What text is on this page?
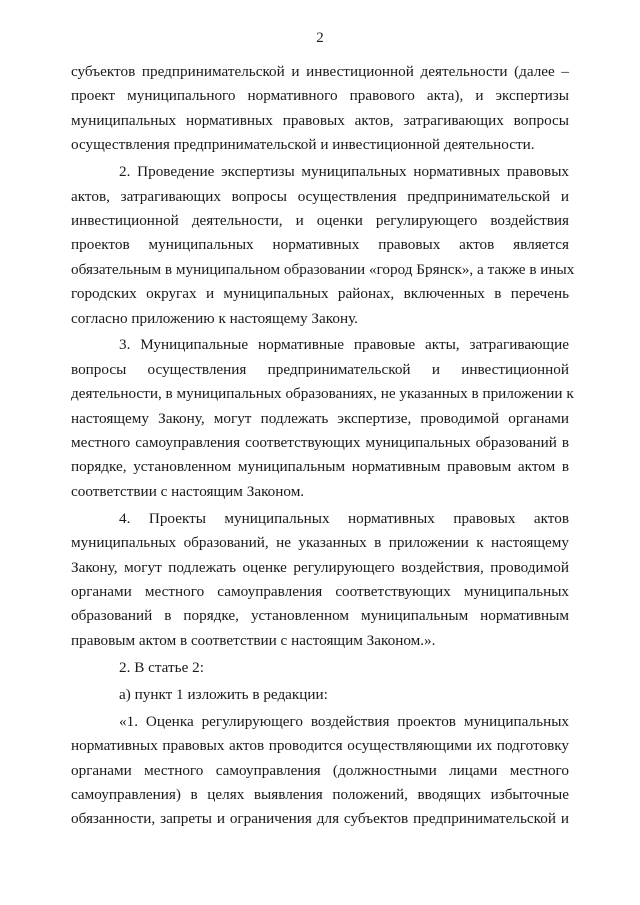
2
субъектов предпринимательской и инвестиционной деятельности (далее –
проект муниципального нормативного правового акта), и экспертизы
муниципальных нормативных правовых актов, затрагивающих вопросы
осуществления предпринимательской и инвестиционной деятельности.
2. Проведение экспертизы муниципальных нормативных правовых
актов, затрагивающих вопросы осуществления предпринимательской и
инвестиционной деятельности, и оценки регулирующего воздействия
проектов муниципальных нормативных правовых актов является
обязательным в муниципальном образовании «город Брянск», а также в иных
городских округах и муниципальных районах, включенных в перечень
согласно приложению к настоящему Закону.
3. Муниципальные нормативные правовые акты, затрагивающие
вопросы осуществления предпринимательской и инвестиционной
деятельности, в муниципальных образованиях, не указанных в приложении к
настоящему Закону, могут подлежать экспертизе, проводимой органами
местного самоуправления соответствующих муниципальных образований в
порядке, установленном муниципальным нормативным правовым актом в
соответствии с настоящим Законом.
4. Проекты муниципальных нормативных правовых актов
муниципальных образований, не указанных в приложении к настоящему
Закону, могут подлежать оценке регулирующего воздействия, проводимой
органами местного самоуправления соответствующих муниципальных
образований в порядке, установленном муниципальным нормативным
правовым актом в соответствии с настоящим Законом.».
2. В статье 2:
а) пункт 1 изложить в редакции:
«1. Оценка регулирующего воздействия проектов муниципальных
нормативных правовых актов проводится осуществляющими их подготовку
органами местного самоуправления (должностными лицами местного
самоуправления) в целях выявления положений, вводящих избыточные
обязанности, запреты и ограничения для субъектов предпринимательской и
